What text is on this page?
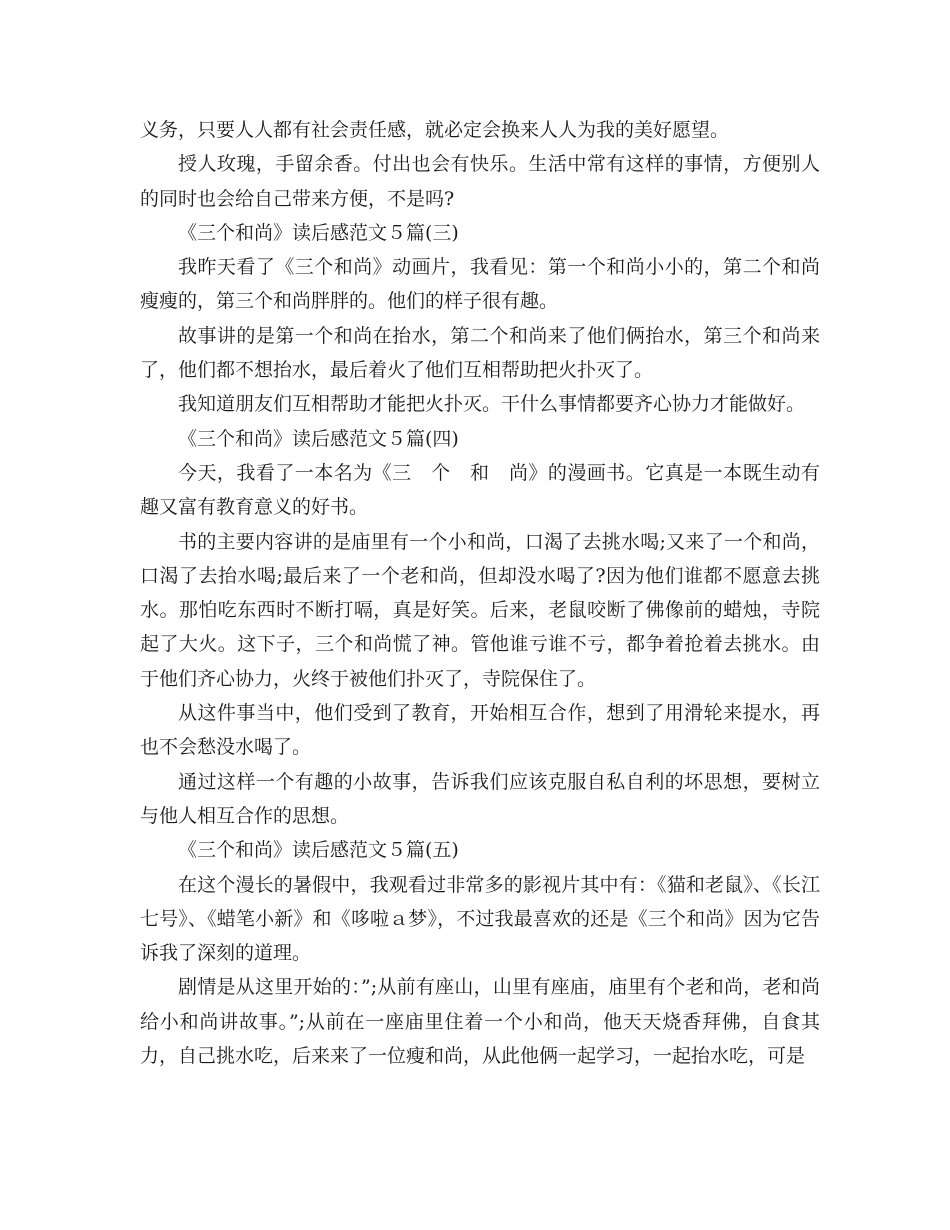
义务，只要人人都有社会责任感，就必定会换来人人为我的美好愿望。

授人玫瑰，手留余香。付出也会有快乐。生活中常有这样的事情，方便别人的同时也会给自己带来方便，不是吗?

《三个和尚》读后感范文５篇(三)

我昨天看了《三个和尚》动画片，我看见：第一个和尚小小的，第二个和尚瘦瘦的，第三个和尚胖胖的。他们的样子很有趣。

故事讲的是第一个和尚在抬水，第二个和尚来了他们俩抬水，第三个和尚来了，他们都不想抬水，最后着火了他们互相帮助把火扑灭了。

我知道朋友们互相帮助才能把火扑灭。干什么事情都要齐心协力才能做好。

《三个和尚》读后感范文５篇(四)

今天，我看了一本名为《三　个　和　尚》的漫画书。它真是一本既生动有趣又富有教育意义的好书。

书的主要内容讲的是庙里有一个小和尚，口渴了去挑水喝;又来了一个和尚，口渴了去抬水喝;最后来了一个老和尚，但却没水喝了?因为他们谁都不愿意去挑水。那怕吃东西时不断打嗝，真是好笑。后来，老鼠咬断了佛像前的蜡烛，寺院起了大火。这下子，三个和尚慌了神。管他谁亏谁不亏，都争着抢着去挑水。由于他们齐心协力，火终于被他们扑灭了，寺院保住了。

从这件事当中，他们受到了教育，开始相互合作，想到了用滑轮来提水，再也不会愁没水喝了。

通过这样一个有趣的小故事，告诉我们应该克服自私自利的坏思想，要树立与他人相互合作的思想。

《三个和尚》读后感范文５篇(五)

在这个漫长的暑假中，我观看过非常多的影视片其中有：《猫和老鼠》、《长江七号》、《蜡笔小新》和《哆啦ａ梦》，不过我最喜欢的还是《三个和尚》因为它告诉我了深刻的道理。

剧情是从这里开始的：”;从前有座山，山里有座庙，庙里有个老和尚，老和尚给小和尚讲故事。”;从前在一座庙里住着一个小和尚，他天天烧香拜佛，自食其力，自己挑水吃，后来来了一位瘦和尚，从此他俩一起学习，一起抬水吃，可是
